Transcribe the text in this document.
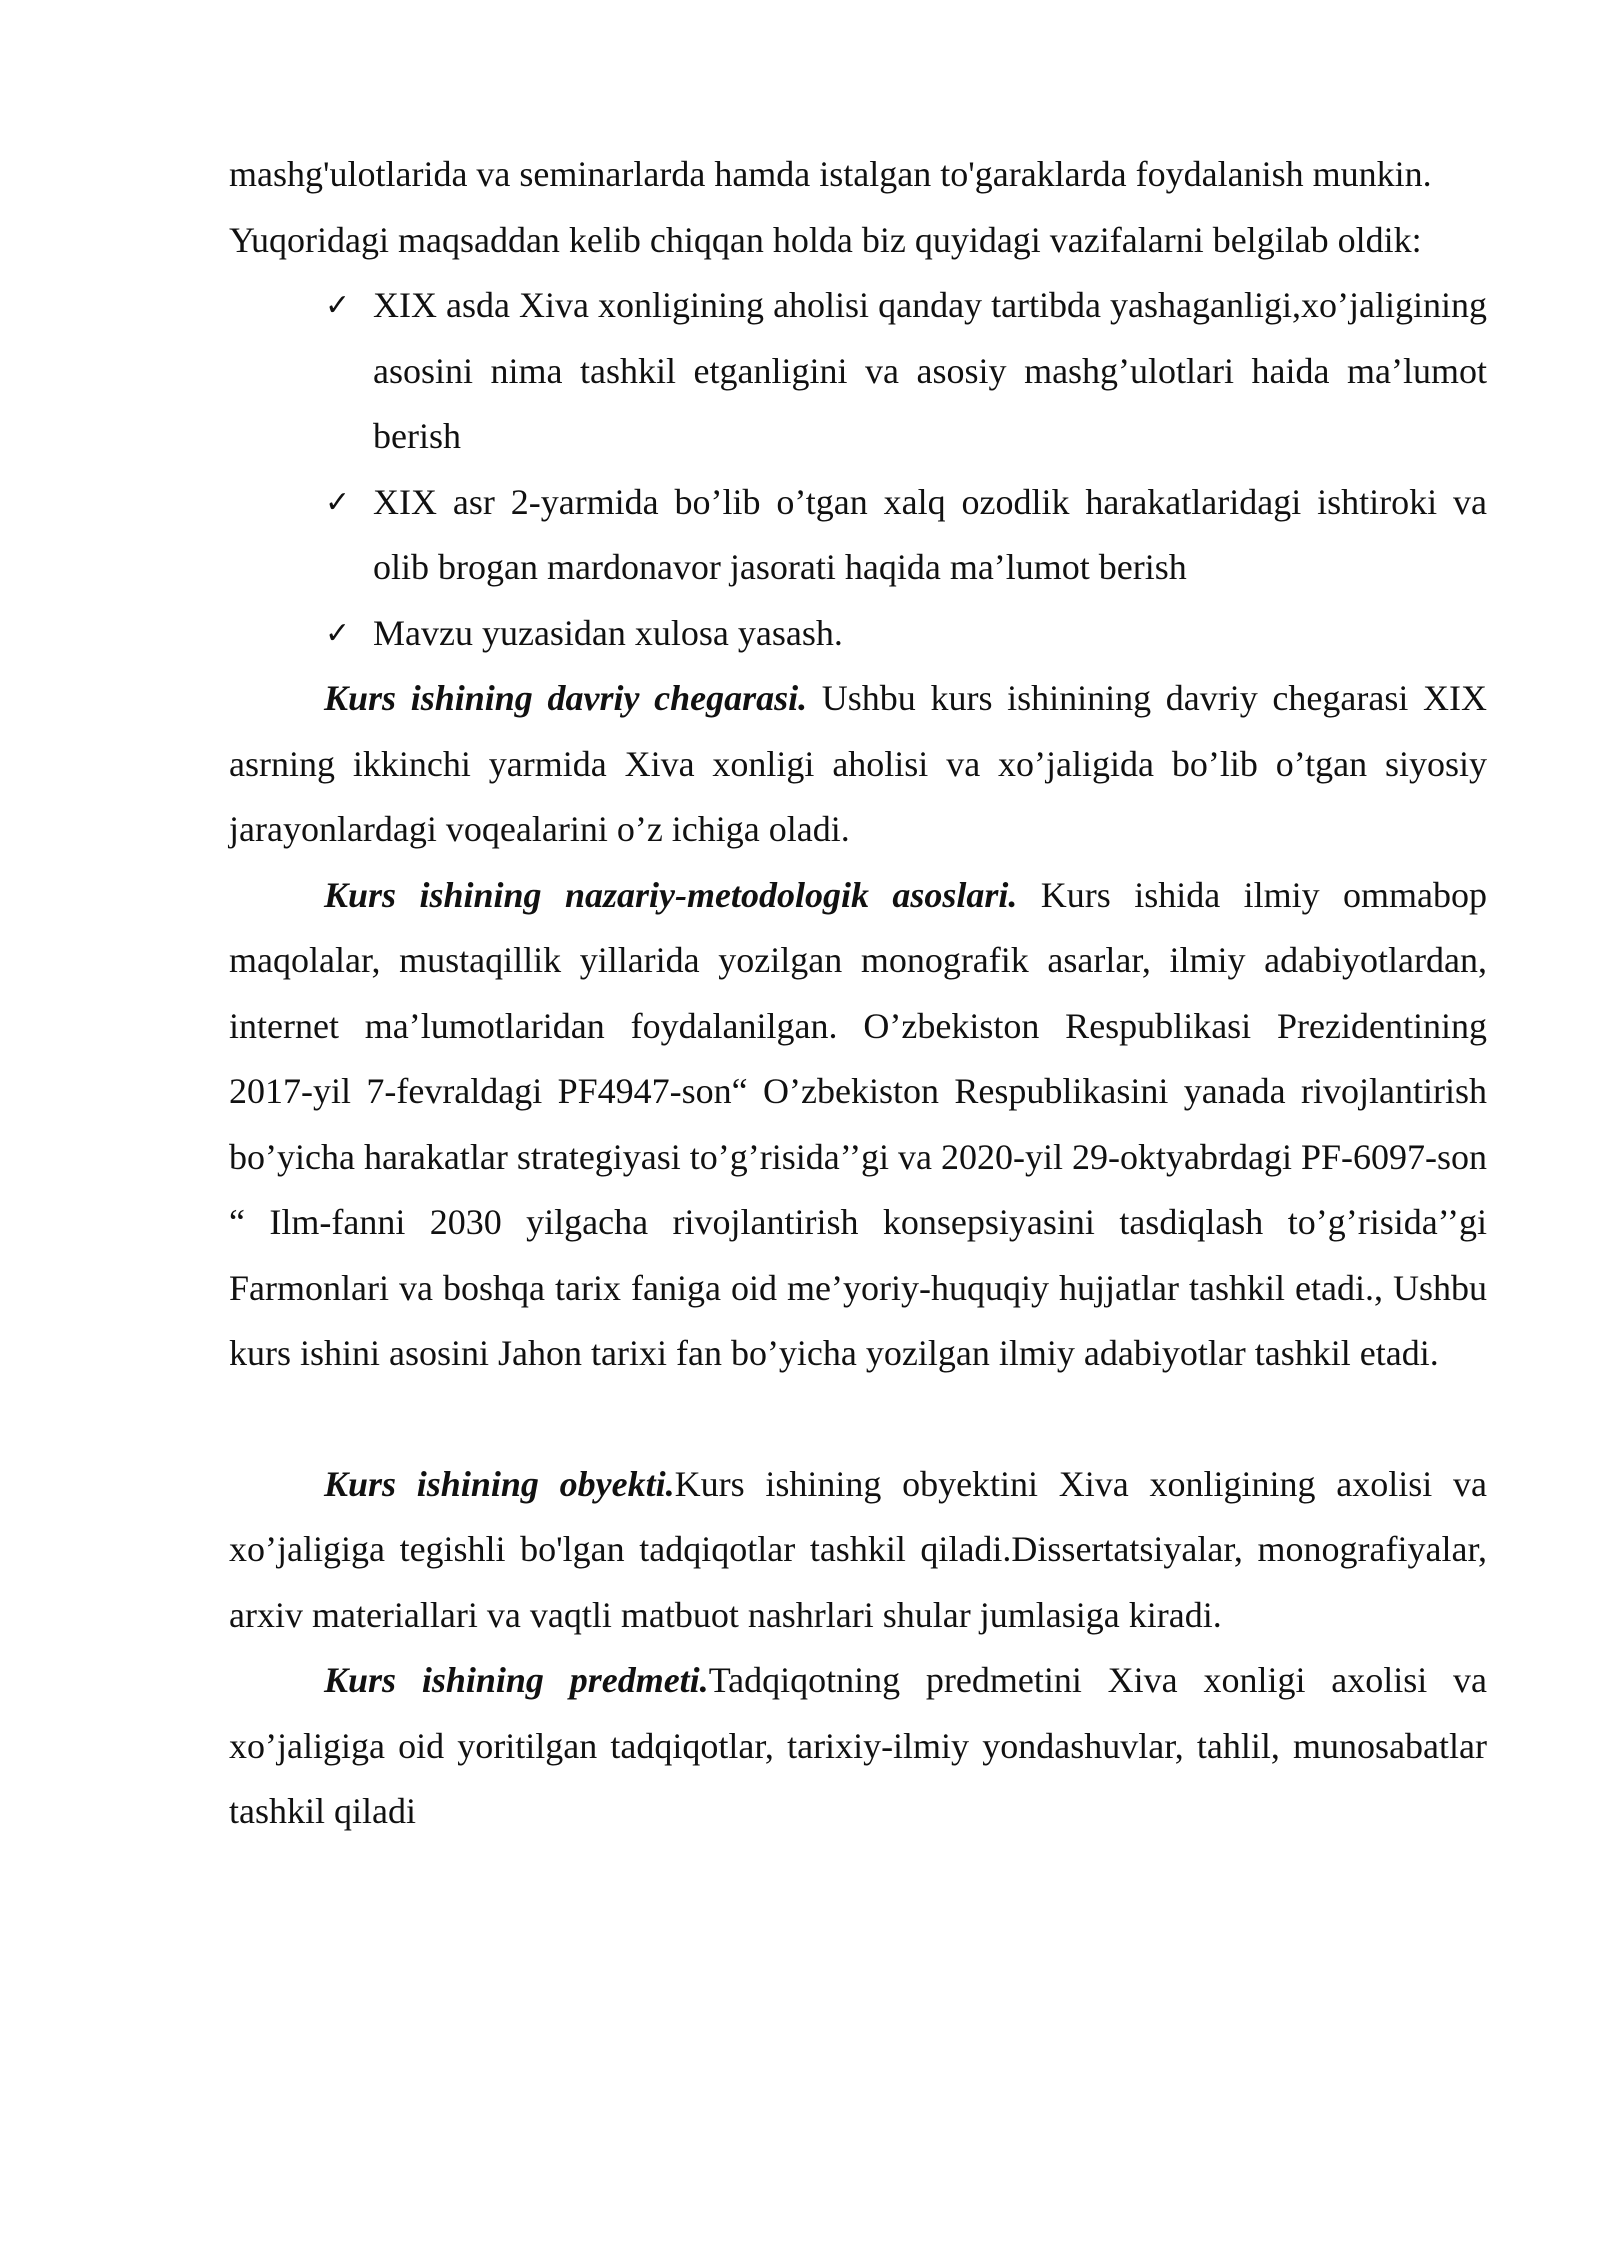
mashg'ulotlarida va seminarlarda hamda istalgan to'garaklarda foydalanish munkin.
Yuqoridagi maqsaddan kelib chiqqan holda biz quyidagi vazifalarni belgilab oldik:
✓ XIX asda Xiva xonligining aholisi qanday tartibda yashaganligi,xo’jaligining asosini nima tashkil etganligini va asosiy mashg’ulotlari haida ma’lumot berish
✓ XIX asr 2-yarmida bo’lib o’tgan xalq ozodlik harakatlaridagi ishtiroki va olib brogan mardonavor jasorati haqida ma’lumot berish
✓ Mavzu yuzasidan xulosa yasash.

Kurs ishining davriy chegarasi. Ushbu kurs ishinining davriy chegarasi XIX asrning ikkinchi yarmida Xiva xonligi aholisi va xo’jaligida bo’lib o’tgan siyosiy jarayonlardagi voqealarini o’z ichiga oladi.

Kurs ishining nazariy-metodologik asoslari. Kurs ishida ilmiy ommabop maqolalar, mustaqillik yillarida yozilgan monografik asarlar, ilmiy adabiyotlardan, internet ma’lumotlaridan foydalanilgan. O’zbekiston Respublikasi Prezidentining 2017-yil 7-fevraldagi PF4947-son“ O’zbekiston Respublikasini yanada rivojlantirish bo’yicha harakatlar strategiyasi to’g’risida’’gi va 2020-yil 29-oktyabrdagi PF-6097-son “ Ilm-fanni 2030 yilgacha rivojlantirish konsepsiyasini tasdiqlash to’g’risida’’gi Farmonlari va boshqa tarix faniga oid me’yoriy-huquqiy hujjatlar tashkil etadi., Ushbu kurs ishini asosini Jahon tarixi fan bo’yicha yozilgan ilmiy adabiyotlar tashkil etadi.

Kurs ishining obyekti.Kurs ishining obyektini Xiva xonligining axolisi va xo’jaligiga tegishli bo'lgan tadqiqotlar tashkil qiladi.Dissertatsiyalar, monografiyalar, arxiv materiallari va vaqtli matbuot nashrlari shular jumlasiga kiradi.

Kurs ishining predmeti.Tadqiqotning predmetini Xiva xonligi axolisi va xo’jaligiga oid yoritilgan tadqiqotlar, tarixiy-ilmiy yondashuvlar, tahlil, munosabatlar tashkil qiladi
